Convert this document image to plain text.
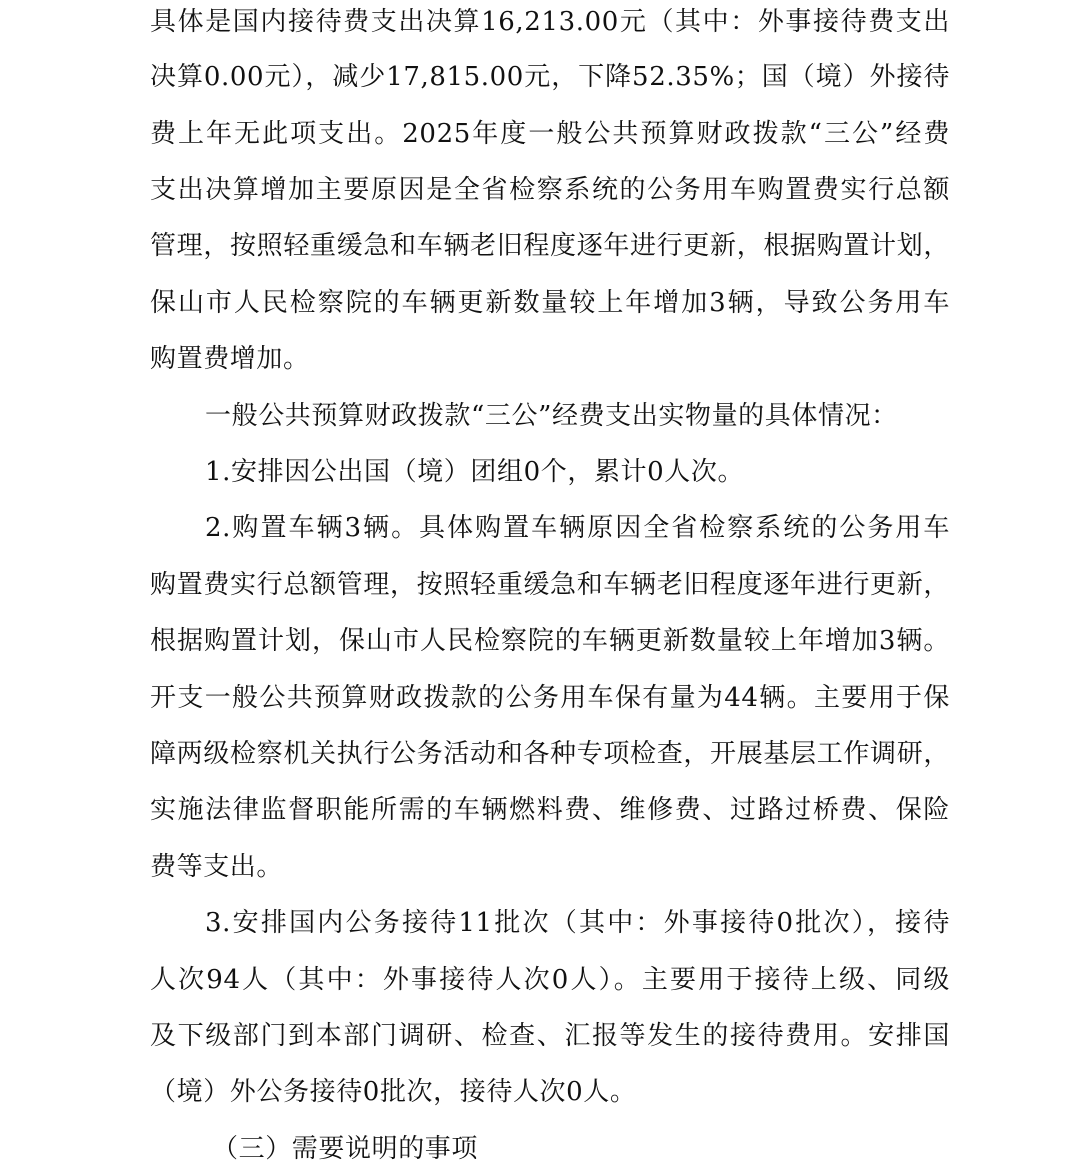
具体是国内接待费支出决算16,213.00元（其中：外事接待费支出

决算0.00元），减少17,815.00元，下降52.35%；国（境）外接待

费上年无此项支出。2025年度一般公共预算财政拨款“三公”经费

支出决算增加主要原因是全省检察系统的公务用车购置费实行总额

管理，按照轻重缓急和车辆老旧程度逐年进行更新，根据购置计划，

保山市人民检察院的车辆更新数量较上年增加3辆，导致公务用车

购置费增加。

一般公共预算财政拨款“三公”经费支出实物量的具体情况：

1.安排因公出国（境）团组0个，累计0人次。

2.购置车辆3辆。具体购置车辆原因全省检察系统的公务用车

购置费实行总额管理，按照轻重缓急和车辆老旧程度逐年进行更新，

根据购置计划，保山市人民检察院的车辆更新数量较上年增加3辆。

开支一般公共预算财政拨款的公务用车保有量为44辆。主要用于保

障两级检察机关执行公务活动和各种专项检查，开展基层工作调研，

实施法律监督职能所需的车辆燃料费、维修费、过路过桥费、保险

费等支出。

3.安排国内公务接待11批次（其中：外事接待0批次），接待

人次94人（其中：外事接待人次0人）。主要用于接待上级、同级

及下级部门到本部门调研、检查、汇报等发生的接待费用。安排国

（境）外公务接待0批次，接待人次0人。

（三）需要说明的事项
